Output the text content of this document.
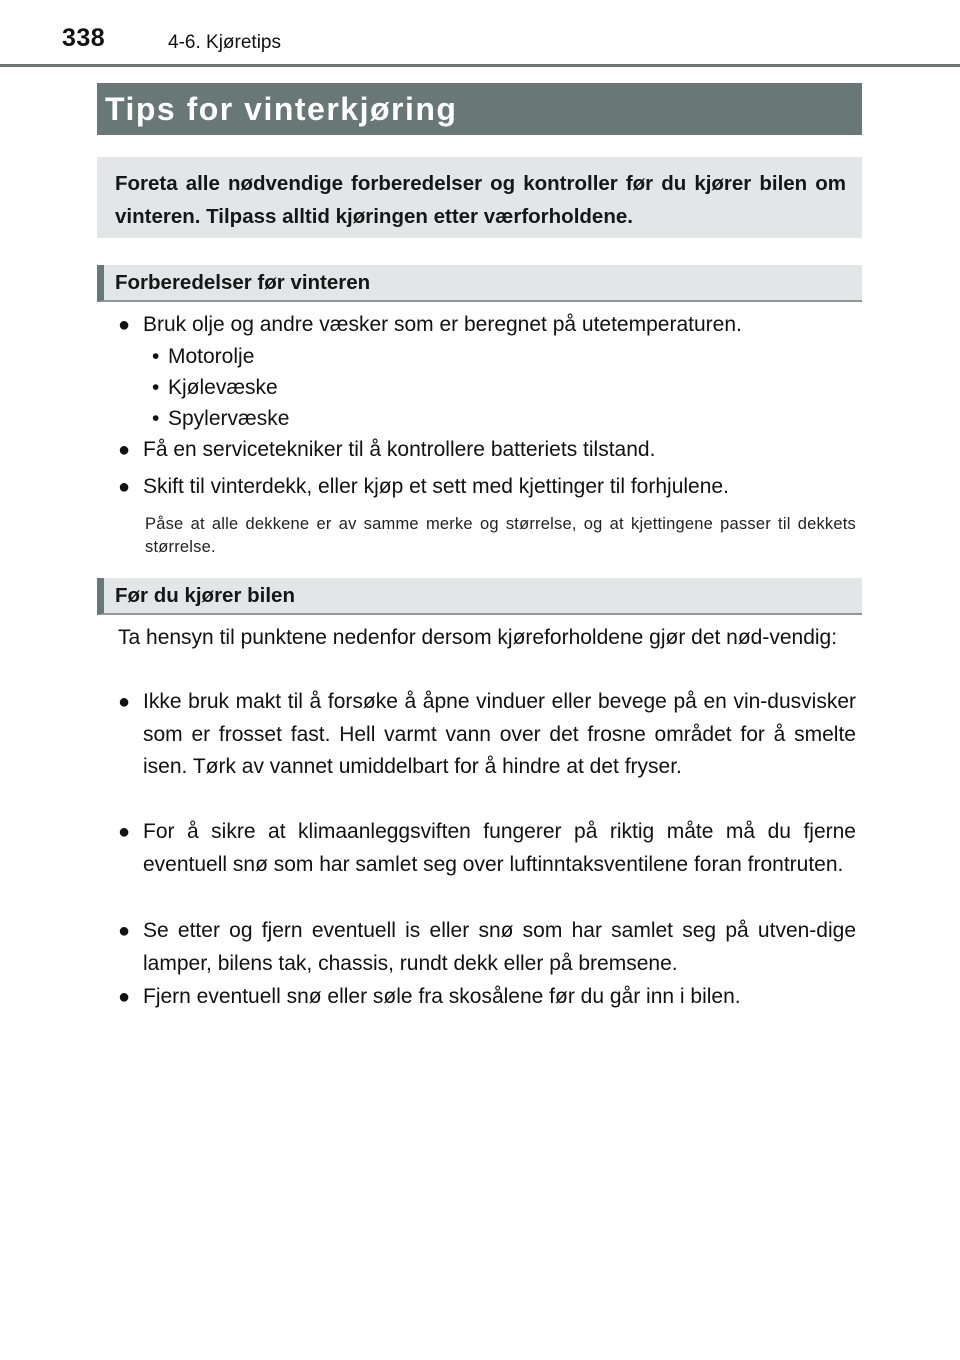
338	4-6. Kjøretips
Tips for vinterkjøring

Foreta alle nødvendige forberedelser og kontroller før du kjører bilen om vinteren. Tilpass alltid kjøringen etter værforholdene.

Forberedelser før vinteren
● Bruk olje og andre væsker som er beregnet på utetemperaturen.
• Motorolje
• Kjølevæske
• Spylervæske
● Få en servicetekniker til å kontrollere batteriets tilstand.
● Skift til vinterdekk, eller kjøp et sett med kjettinger til forhjulene.
Påse at alle dekkene er av samme merke og størrelse, og at kjettingene passer til dekkets størrelse.
Før du kjører bilen
Ta hensyn til punktene nedenfor dersom kjøreforholdene gjør det nød-vendig:
● Ikke bruk makt til å forsøke å åpne vinduer eller bevege på en vin-dusvisker som er frosset fast. Hell varmt vann over det frosne området for å smelte isen. Tørk av vannet umiddelbart for å hindre at det fryser.
● For å sikre at klimaanleggsviften fungerer på riktig måte må du fjerne eventuell snø som har samlet seg over luftinntaksventilene foran frontruten.
● Se etter og fjern eventuell is eller snø som har samlet seg på utven-dige lamper, bilens tak, chassis, rundt dekk eller på bremsene.
● Fjern eventuell snø eller søle fra skosålene før du går inn i bilen.
